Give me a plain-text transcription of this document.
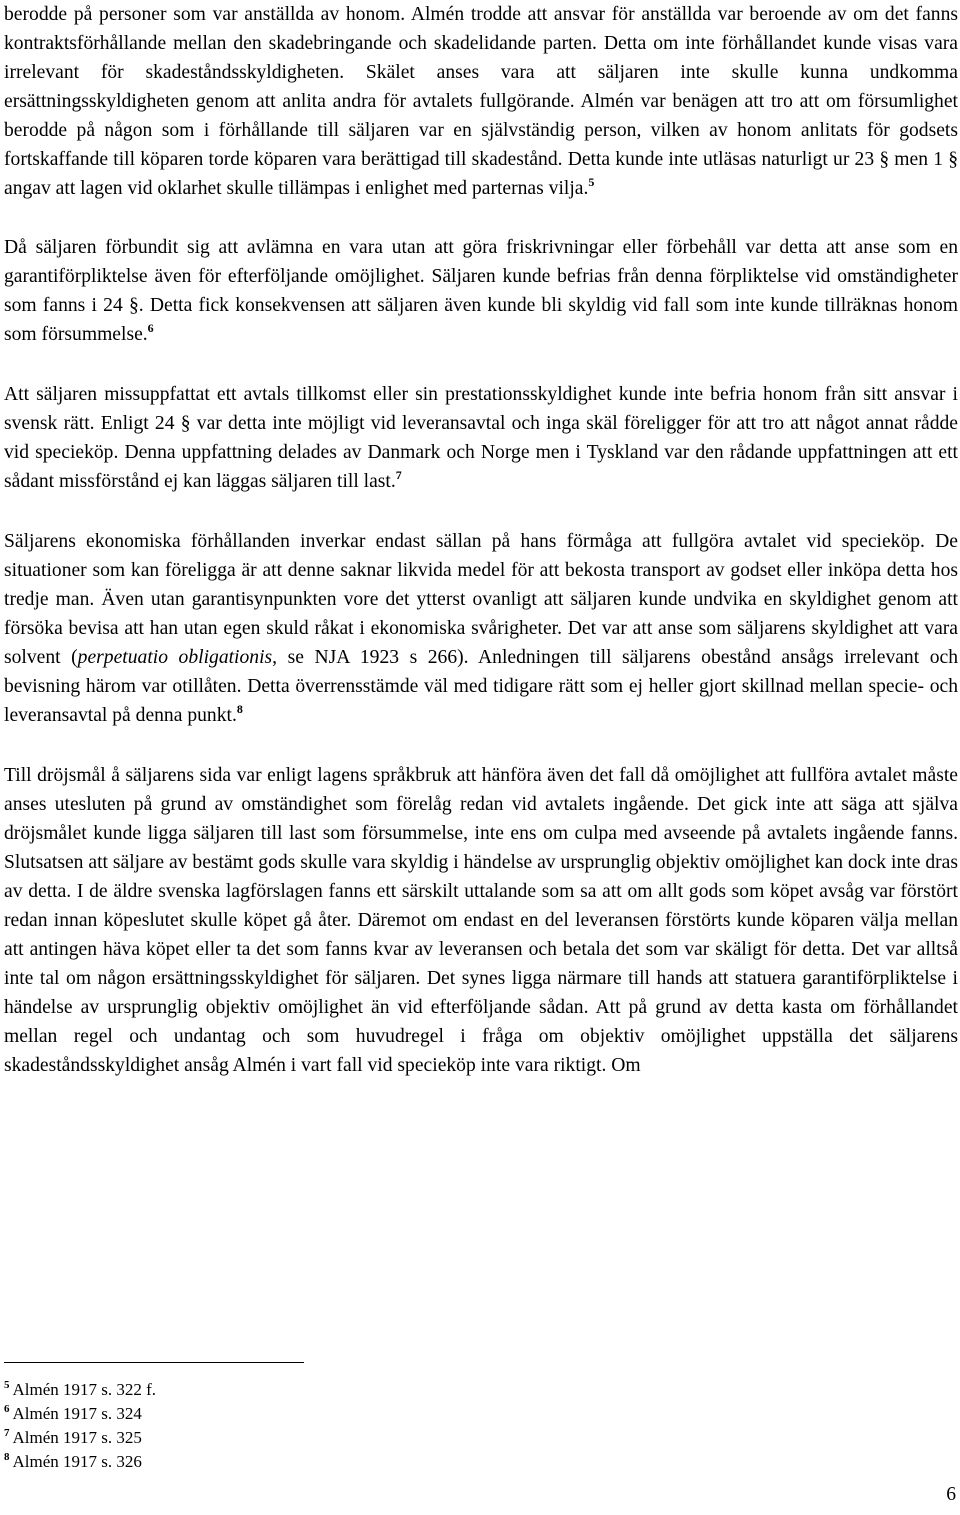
berodde på personer som var anställda av honom. Almén trodde att ansvar för anställda var beroende av om det fanns kontraktsförhållande mellan den skadebringande och skadelidande parten. Detta om inte förhållandet kunde visas vara irrelevant för skadeståndsskyldigheten. Skälet anses vara att säljaren inte skulle kunna undkomma ersättningsskyldigheten genom att anlita andra för avtalets fullgörande. Almén var benägen att tro att om försumlighet berodde på någon som i förhållande till säljaren var en självständig person, vilken av honom anlitats för godsets fortskaffande till köparen torde köparen vara berättigad till skadestånd. Detta kunde inte utläsas naturligt ur 23 § men 1 § angav att lagen vid oklarhet skulle tillämpas i enlighet med parternas vilja.$^5$

Då säljaren förbundit sig att avlämna en vara utan att göra friskrivningar eller förbehåll var detta att anse som en garantiförpliktelse även för efterföljande omöjlighet. Säljaren kunde befrias från denna förpliktelse vid omständigheter som fanns i 24 §. Detta fick konsekvensen att säljaren även kunde bli skyldig vid fall som inte kunde tillräknas honom som försummelse.$^6$

Att säljaren missuppfattat ett avtals tillkomst eller sin prestationsskyldighet kunde inte befria honom från sitt ansvar i svensk rätt. Enligt 24 § var detta inte möjligt vid leveransavtal och inga skäl föreligger för att tro att något annat rådde vid specieköp. Denna uppfattning delades av Danmark och Norge men i Tyskland var den rådande uppfattningen att ett sådant missförstånd ej kan läggas säljaren till last.$^7$

Säljarens ekonomiska förhållanden inverkar endast sällan på hans förmåga att fullgöra avtalet vid specieköp. De situationer som kan föreligga är att denne saknar likvida medel för att bekosta transport av godset eller inköpa detta hos tredje man. Även utan garantisynpunkten vore det ytterst ovanligt att säljaren kunde undvika en skyldighet genom att försöka bevisa att han utan egen skuld råkat i ekonomiska svårigheter. Det var att anse som säljarens skyldighet att vara solvent (perpetuatio obligationis, se NJA 1923 s 266). Anledningen till säljarens obestånd ansågs irrelevant och bevisning härom var otillåten. Detta överrensstämde väl med tidigare rätt som ej heller gjort skillnad mellan specie- och leveransavtal på denna punkt.$^8$

Till dröjsmål å säljarens sida var enligt lagens språkbruk att hänföra även det fall då omöjlighet att fullföra avtalet måste anses utesluten på grund av omständighet som förelåg redan vid avtalets ingående. Det gick inte att säga att själva dröjsmålet kunde ligga säljaren till last som försummelse, inte ens om culpa med avseende på avtalets ingående fanns. Slutsatsen att säljare av bestämt gods skulle vara skyldig i händelse av ursprunglig objektiv omöjlighet kan dock inte dras av detta. I de äldre svenska lagförslagen fanns ett särskilt uttalande som sa att om allt gods som köpet avsåg var förstört redan innan köpeslutet skulle köpet gå åter. Däremot om endast en del leveransen förstörts kunde köparen välja mellan att antingen häva köpet eller ta det som fanns kvar av leveransen och betala det som var skäligt för detta. Det var alltså inte tal om någon ersättningsskyldighet för säljaren. Det synes ligga närmare till hands att statuera garantiförpliktelse i händelse av ursprunglig objektiv omöjlighet än vid efterföljande sådan. Att på grund av detta kasta om förhållandet mellan regel och undantag och som huvudregel i fråga om objektiv omöjlighet uppställa det säljarens skadeståndsskyldighet ansåg Almén i vart fall vid specieköp inte vara riktigt. Om

$^5$ Almén 1917 s. 322 f.
$^6$ Almén 1917 s. 324
$^7$ Almén 1917 s. 325
$^8$ Almén 1917 s. 326
6
